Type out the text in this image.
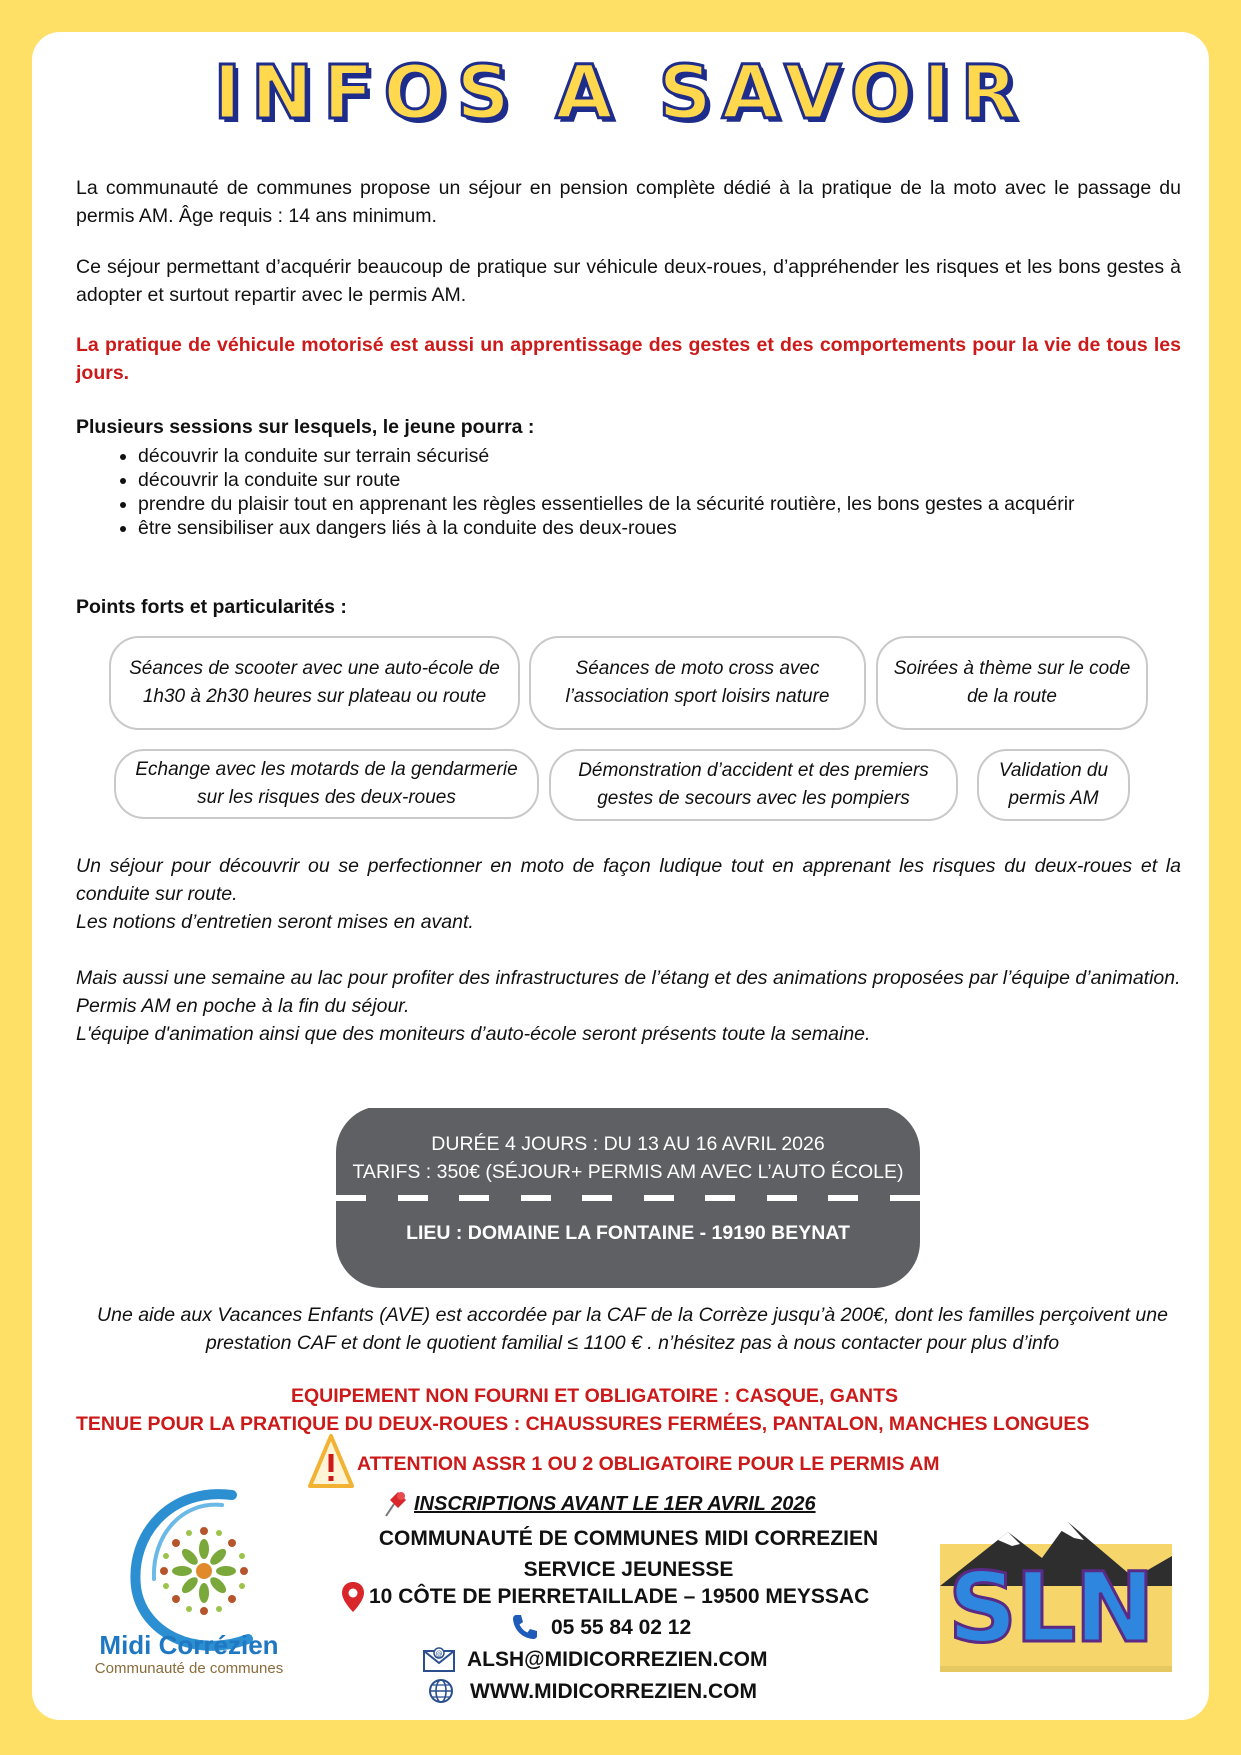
INFOS A SAVOIR
La communauté de communes propose un séjour en pension complète dédié à la pratique de la moto avec le passage du permis AM. Âge requis : 14 ans minimum.
Ce séjour permettant d’acquérir beaucoup de pratique sur véhicule deux-roues, d’appréhender les risques et les bons gestes à adopter et surtout repartir avec le permis AM.
La pratique de véhicule motorisé est aussi un apprentissage des gestes et des comportements pour la vie de tous les jours.
Plusieurs sessions sur lesquels, le jeune pourra :
• découvrir la conduite sur terrain sécurisé
• découvrir la conduite sur route
• prendre du plaisir tout en apprenant les règles essentielles de la sécurité routière, les bons gestes a acquérir
• être sensibiliser aux dangers liés à la conduite des deux-roues
Points forts et particularités :
Séances de scooter avec une auto-école de 1h30 à 2h30 heures sur plateau ou route
Séances de moto cross avec l’association sport loisirs nature
Soirées à thème sur le code de la route
Echange avec les motards de la gendarmerie sur les risques des deux-roues
Démonstration d’accident et des premiers gestes de secours avec les pompiers
Validation du permis AM
Un séjour pour découvrir ou se perfectionner en moto de façon ludique tout en apprenant les risques du deux-roues et la conduite sur route.
Les notions d’entretien seront mises en avant.
Mais aussi une semaine au lac pour profiter des infrastructures de l’étang et des animations proposées par l’équipe d’animation.
Permis AM en poche à la fin du séjour.
L'équipe d'animation ainsi que des moniteurs d’auto-école seront présents toute la semaine.
DURÉE 4 JOURS : DU 13 AU 16 AVRIL 2026
TARIFS : 350€ (SÉJOUR+ PERMIS AM AVEC L’AUTO ÉCOLE)
LIEU : DOMAINE LA FONTAINE - 19190 BEYNAT
Une aide aux Vacances Enfants (AVE) est accordée par la CAF de la Corrèze jusqu’à 200€, dont les familles perçoivent une prestation CAF et dont le quotient familial ≤ 1100 € . n’hésitez pas à nous contacter pour plus d’info
EQUIPEMENT NON FOURNI ET OBLIGATOIRE : CASQUE, GANTS
TENUE POUR LA PRATIQUE DU DEUX-ROUES : CHAUSSURES FERMÉES, PANTALON, MANCHES LONGUES
ATTENTION ASSR 1 OU 2 OBLIGATOIRE POUR LE PERMIS AM
INSCRIPTIONS AVANT LE 1ER AVRIL 2026
COMMUNAUTÉ DE COMMUNES MIDI CORREZIEN
SERVICE JEUNESSE
10 CÔTE DE PIERRETAILLADE – 19500 MEYSSAC
05 55 84 02 12
@ ALSH@MIDICORREZIEN.COM
WWW.MIDICORREZIEN.COM
Midi Corrézien
Communauté de communes
SLN
